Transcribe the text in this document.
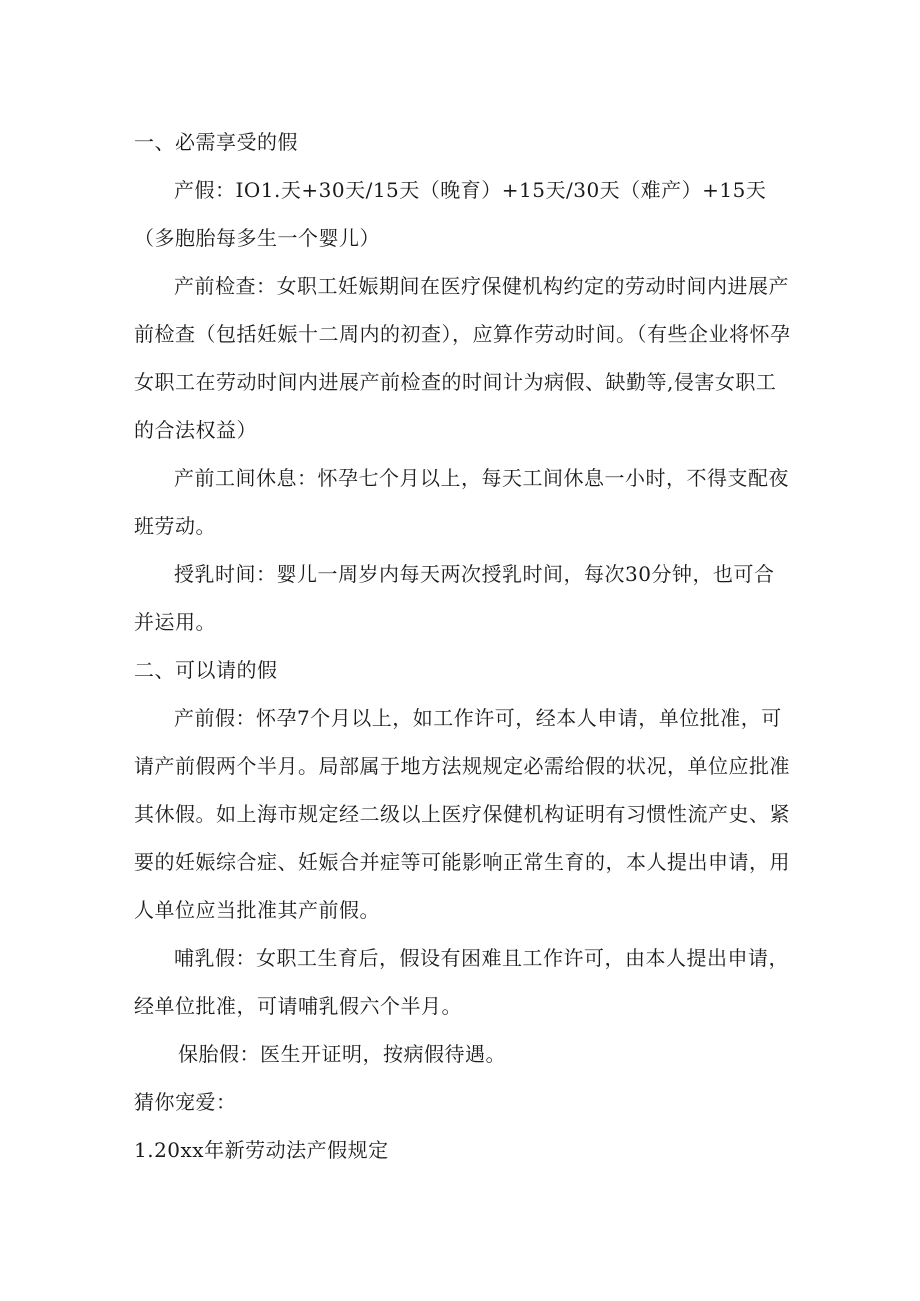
一、必需享受的假

产假：IO1.天+30天/15天（晚育）+15天/30天（难产）+15天（多胞胎每多生一个婴儿）

产前检查：女职工妊娠期间在医疗保健机构约定的劳动时间内进展产前检查（包括妊娠十二周内的初查），应算作劳动时间。（有些企业将怀孕女职工在劳动时间内进展产前检查的时间计为病假、缺勤等,侵害女职工的合法权益）

产前工间休息：怀孕七个月以上，每天工间休息一小时，不得支配夜班劳动。

授乳时间：婴儿一周岁内每天两次授乳时间，每次30分钟，也可合并运用。

二、可以请的假

产前假：怀孕7个月以上，如工作许可，经本人申请，单位批准，可请产前假两个半月。局部属于地方法规规定必需给假的状况，单位应批准其休假。如上海市规定经二级以上医疗保健机构证明有习惯性流产史、紧要的妊娠综合症、妊娠合并症等可能影响正常生育的，本人提出申请，用人单位应当批准其产前假。

哺乳假：女职工生育后，假设有困难且工作许可，由本人提出申请，经单位批准，可请哺乳假六个半月。

保胎假：医生开证明，按病假待遇。

猜你宠爱：

1.20xx年新劳动法产假规定
